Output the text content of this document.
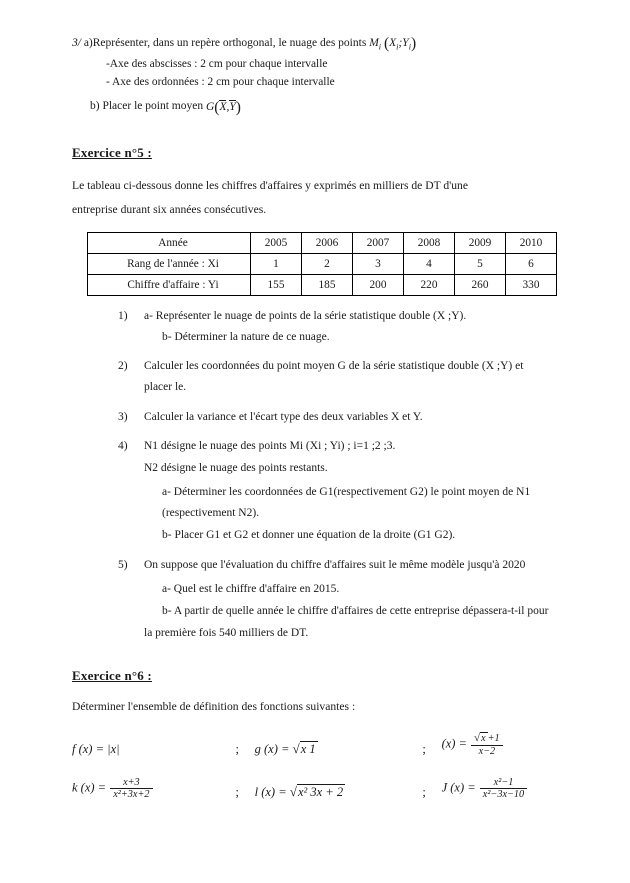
3/ a)Représenter, dans un repère orthogonal, le nuage des points $M_i$ $(X_i;Y_i)$
-Axe des abscisses : 2 cm pour chaque intervalle
- Axe des ordonnées : 2 cm pour chaque intervalle
b) Placer le point moyen G(X,Y)
Exercice n°5 :
Le tableau ci-dessous donne les chiffres d'affaires y exprimés en milliers de DT d'une
entreprise durant six années consécutives.
Année	2005	2006	2007	2008	2009	2010
Rang de l'année : Xi	1	2	3	4	5	6
Chiffre d'affaire : Yi	155	185	200	220	260	330
1)	a- Représenter le nuage de points de la série statistique double (X ;Y).
b- Déterminer la nature de ce nuage.
2)	Calculer les coordonnées du point moyen G de la série statistique double (X ;Y) et
placer le.
3)	Calculer la variance et l'écart type des deux variables X et Y.
4)	N1 désigne le nuage des points Mi (Xi ; Yi) ; i=1 ;2 ;3.
N2 désigne le nuage des points restants.
a- Déterminer les coordonnées de G1(respectivement G2) le point moyen de N1
(respectivement N2).
b- Placer G1 et G2 et donner une équation de la droite (G1 G2).
5)	On suppose que l'évaluation du chiffre d'affaires suit le même modèle jusqu'à 2020
a- Quel est le chiffre d'affaire en 2015.
b- A partir de quelle année le chiffre d'affaires de cette entreprise dépassera-t-il pour
la première fois 540 milliers de DT.
Exercice n°6 :
Déterminer l'ensemble de définition des fonctions suivantes :
f (x) = |x|	;	g (x) = √x 1	;	$(x) = \frac{√x +1}{x-2}$
k $(x) = \frac{x+3}{\text{x²+3x+2}}$	;	l (x) = √x² 3x + 2	;	J $(x) = \frac{\text{x²−1}}{\text{x²−3x−10}}$
